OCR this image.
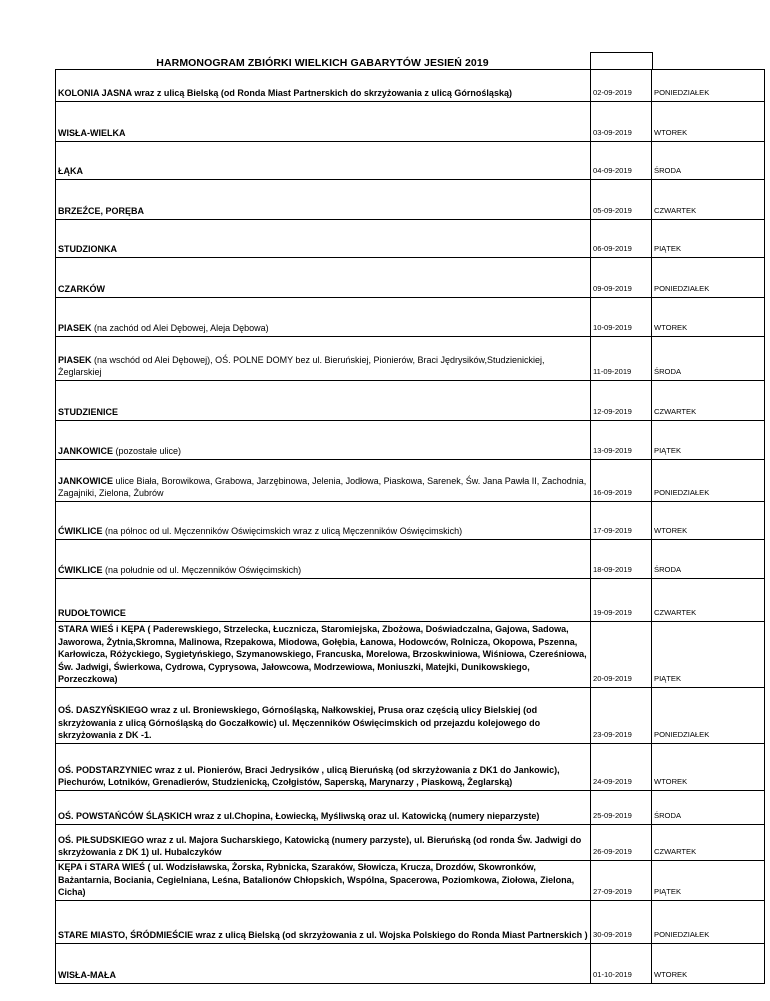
HARMONOGRAM ZBIÓRKI WIELKICH GABARYTÓW JESIEŃ 2019
KOLONIA JASNA wraz z ulicą Bielską (od Ronda Miast Partnerskich do skrzyżowania z ulicą Górnośląską)	02-09-2019	PONIEDZIAŁEK
WISŁA-WIELKA	03-09-2019	WTOREK
ŁĄKA	04-09-2019	ŚRODA
BRZEŹCE, PORĘBA	05-09-2019	CZWARTEK
STUDZIONKA	06-09-2019	PIĄTEK
CZARKÓW	09-09-2019	PONIEDZIAŁEK
PIASEK (na zachód od Alei Dębowej, Aleja Dębowa)	10-09-2019	WTOREK
PIASEK (na wschód od Alei Dębowej), OŚ. POLNE DOMY bez ul. Bieruńskiej, Pionierów, Braci Jędrysików,Studzienickiej, Żeglarskiej	11-09-2019	ŚRODA
STUDZIENICE	12-09-2019	CZWARTEK
JANKOWICE (pozostałe ulice)	13-09-2019	PIĄTEK
JANKOWICE ulice Biała, Borowikowa, Grabowa, Jarzębinowa, Jelenia, Jodłowa, Piaskowa, Sarenek, Św. Jana Pawła II, Zachodnia, Zagajniki, Zielona, Żubrów	16-09-2019	PONIEDZIAŁEK
ĆWIKLICE (na północ od ul. Męczenników Oświęcimskich wraz z ulicą Męczenników Oświęcimskich)	17-09-2019	WTOREK
ĆWIKLICE (na południe od ul. Męczenników Oświęcimskich)	18-09-2019	ŚRODA
RUDOŁTOWICE	19-09-2019	CZWARTEK
STARA WIEŚ i KĘPA ( Paderewskiego, Strzelecka, Łucznicza, Staromiejska, Zbożowa, Doświadczalna, Gajowa, Sadowa, Jaworowa, Żytnia,Skromna, Malinowa, Rzepakowa, Miodowa, Gołębia, Łanowa, Hodowców, Rolnicza, Okopowa, Pszenna, Karłowicza, Różyckiego, Sygietyńskiego, Szymanowskiego, Francuska, Morelowa, Brzoskwiniowa, Wiśniowa, Czereśniowa, Św. Jadwigi, Świerkowa, Cydrowa, Cyprysowa, Jałowcowa, Modrzewiowa, Moniuszki, Matejki, Dunikowskiego, Porzeczkowa)	20-09-2019	PIĄTEK
OŚ. DASZYŃSKIEGO wraz z ul. Broniewskiego, Górnośląską, Nałkowskiej, Prusa oraz częścią ulicy Bielskiej (od skrzyżowania z ulicą Górnośląską do Goczałkowic) ul. Męczenników Oświęcimskich od przejazdu kolejowego do skrzyżowania z DK -1.	23-09-2019	PONIEDZIAŁEK
OŚ. PODSTARZYNIEC wraz z ul. Pionierów, Braci Jedrysików , ulicą Bieruńską (od skrzyżowania z DK1 do Jankowic), Piechurów, Lotników, Grenadierów, Studzienicką, Czołgistów, Saperską, Marynarzy , Piaskową, Żeglarską)	24-09-2019	WTOREK
OŚ. POWSTAŃCÓW ŚLĄSKICH wraz z ul.Chopina, Łowiecką, Myśliwską oraz ul. Katowicką (numery nieparzyste)	25-09-2019	ŚRODA
OŚ. PIŁSUDSKIEGO wraz z ul. Majora Sucharskiego, Katowicką (numery parzyste), ul. Bieruńską (od ronda Św. Jadwigi do skrzyżowania z DK 1) ul. Hubalczyków	26-09-2019	CZWARTEK
KĘPA i STARA WIEŚ ( ul. Wodzisławska, Żorska, Rybnicka, Szaraków, Słowicza, Krucza, Drozdów, Skowronków, Bażantarnia, Bociania, Cegielniana, Leśna, Batalionów Chłopskich, Wspólna, Spacerowa, Poziomkowa, Ziołowa, Zielona, Cicha)	27-09-2019	PIĄTEK
STARE MIASTO, ŚRÓDMIEŚCIE wraz z ulicą Bielską (od skrzyżowania z ul. Wojska Polskiego do Ronda Miast Partnerskich )	30-09-2019	PONIEDZIAŁEK
WISŁA-MAŁA	01-10-2019	WTOREK
